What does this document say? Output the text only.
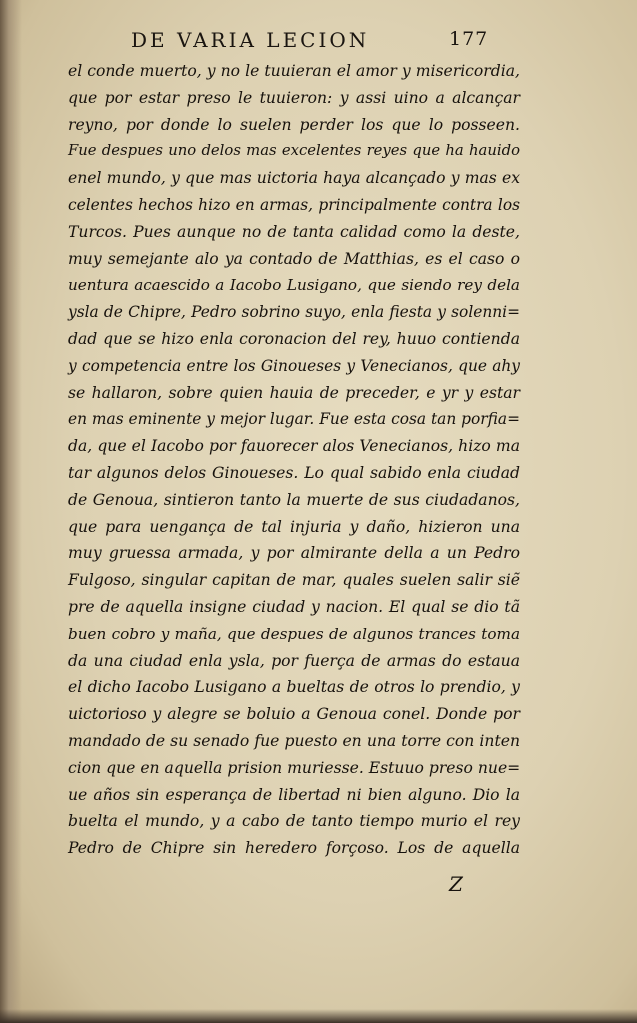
DE VARIA LECION	177
el conde muerto, y no le tuuieran el amor y misericordia,
que por estar preso le tuuieron: y assi uino a alcançar
reyno, por donde lo suelen perder los que lo posseen.
Fue despues uno delos mas excelentes reyes que ha hauido
enel mundo, y que mas uictoria haya alcançado y mas ex
celentes hechos hizo en armas, principalmente contra los
Turcos. Pues aunque no de tanta calidad como la deste,
muy semejante alo ya contado de Matthias, es el caso o
uentura acaescido a Iacobo Lusigano, que siendo rey dela
ysla de Chipre, Pedro sobrino suyo, enla fiesta y solenni=
dad que se hizo enla coronacion del rey, huuo contienda
y competencia entre los Ginoueses y Venecianos, que ahy
se hallaron, sobre quien hauia de preceder, e yr y estar
en mas eminente y mejor lugar. Fue esta cosa tan porfia=
da, que el Iacobo por fauorecer alos Venecianos, hizo ma
tar algunos delos Ginoueses. Lo qual sabido enla ciudad
de Genoua, sintieron tanto la muerte de sus ciudadanos,
que para uengança de tal injuria y daño, hizieron una
muy gruessa armada, y por almirante della a un Pedro
Fulgoso, singular capitan de mar, quales suelen salir siẽ
pre de aquella insigne ciudad y nacion. El qual se dio tã
buen cobro y maña, que despues de algunos trances toma
da una ciudad enla ysla, por fuerça de armas do estaua
el dicho Iacobo Lusigano a bueltas de otros lo prendio, y
uictorioso y alegre se boluio a Genoua conel. Donde por
mandado de su senado fue puesto en una torre con inten
cion que en aquella prision muriesse. Estuuo preso nue=
ue años sin esperança de libertad ni bien alguno. Dio la
buelta el mundo, y a cabo de tanto tiempo murio el rey
Pedro de Chipre sin heredero forçoso. Los de aquella
Z
